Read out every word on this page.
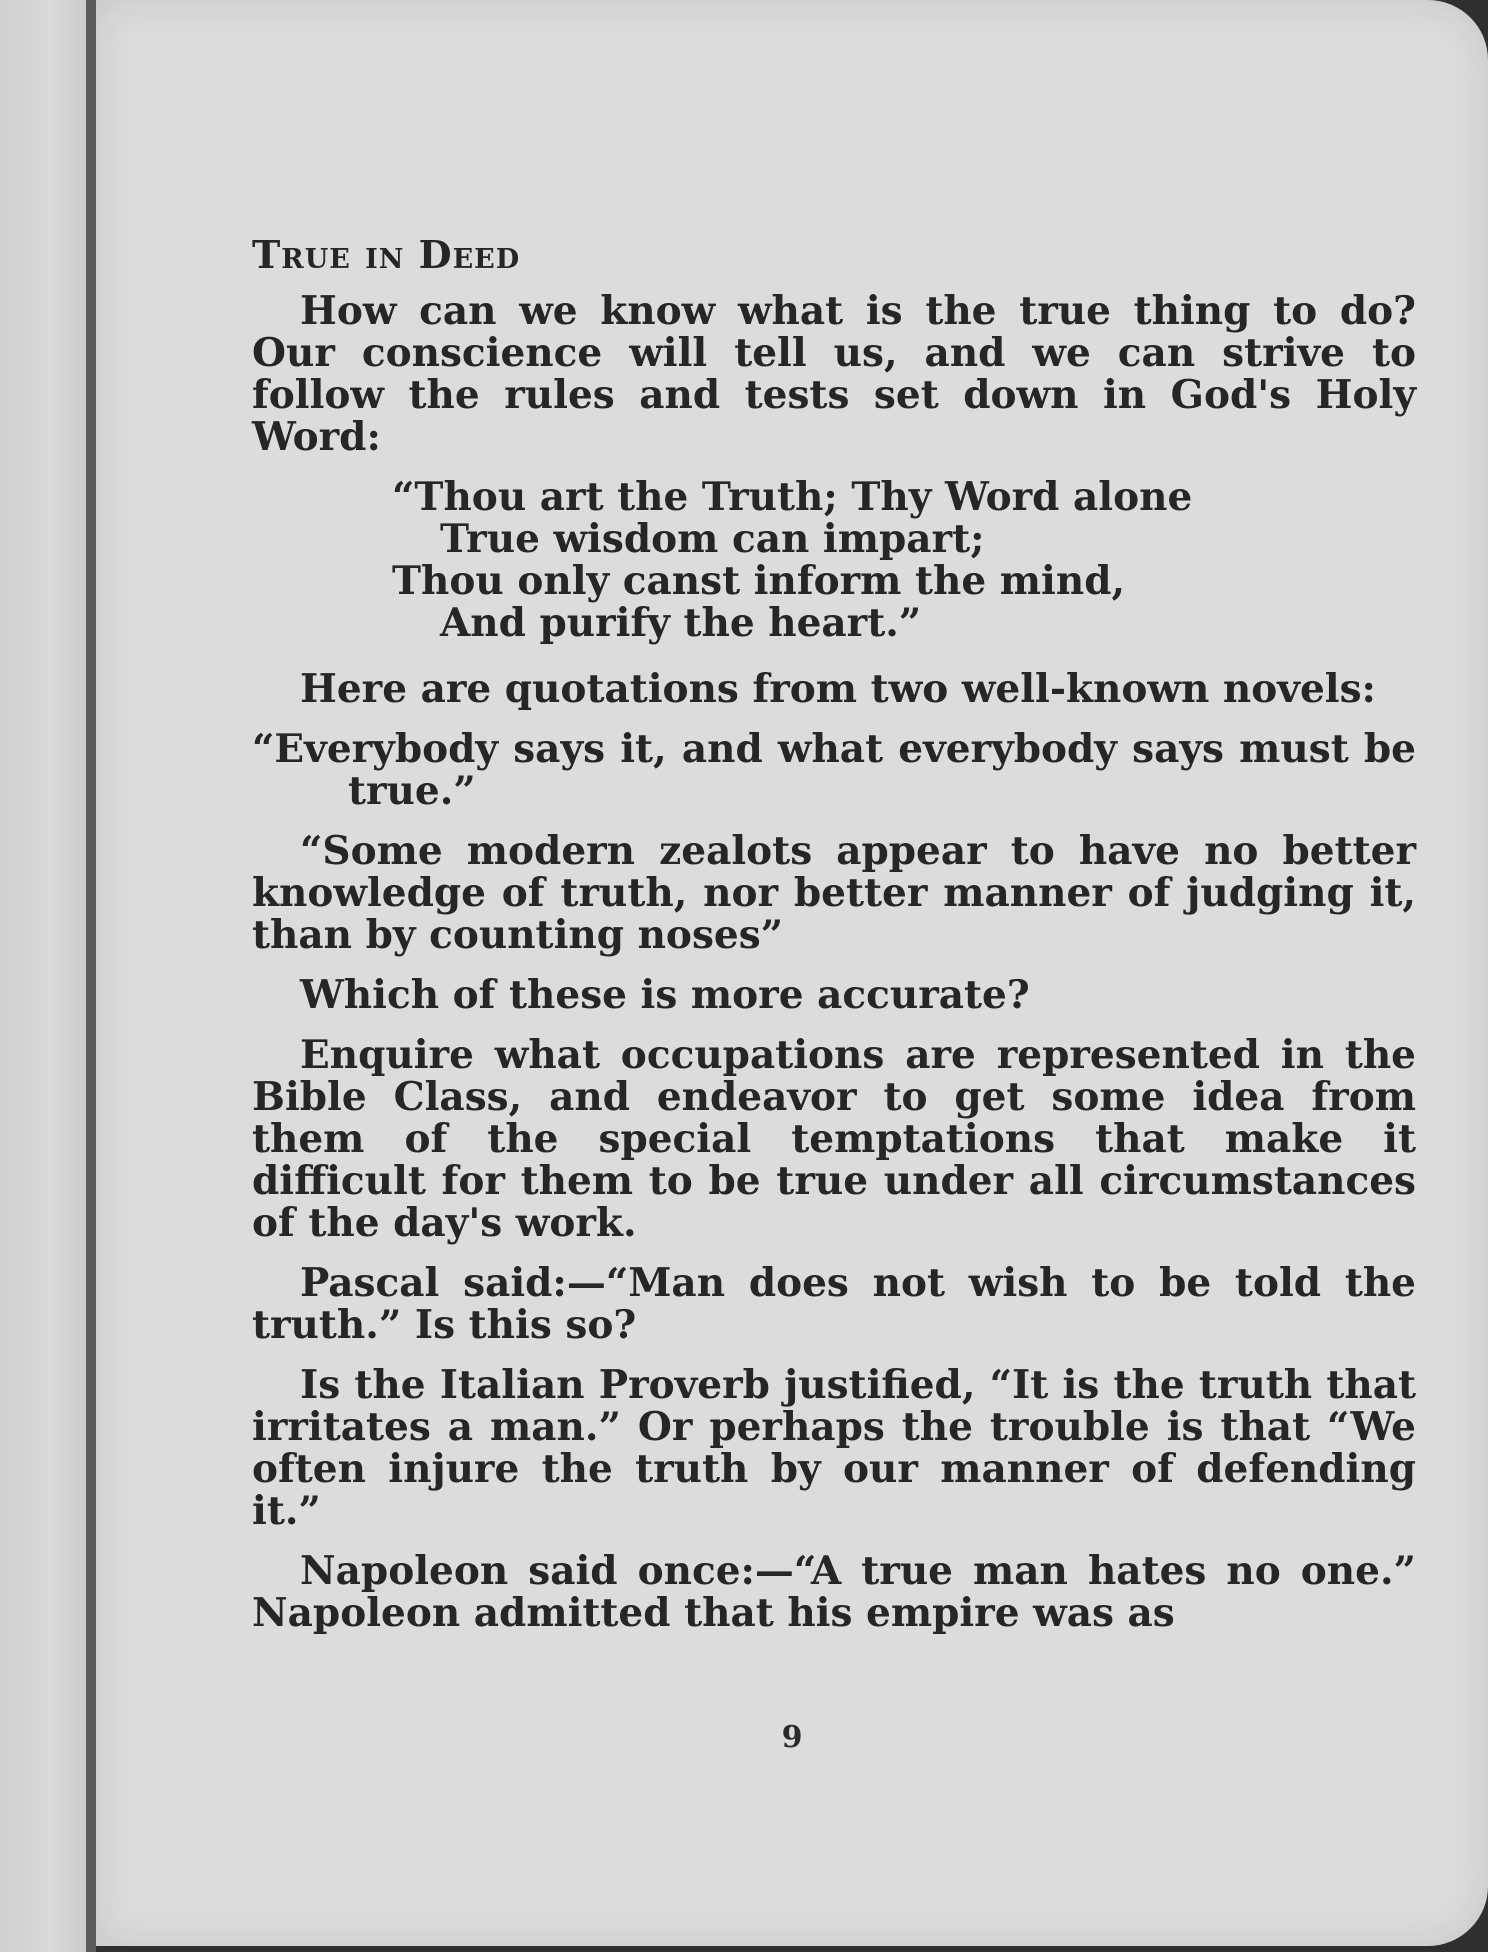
True in Deed

How can we know what is the true thing to do? Our conscience will tell us, and we can strive to follow the rules and tests set down in God's Holy Word:

“Thou art the Truth; Thy Word alone
True wisdom can impart;
Thou only canst inform the mind,
And purify the heart.”

Here are quotations from two well-known novels:

“Everybody says it, and what everybody says must be true.”

“Some modern zealots appear to have no better knowledge of truth, nor better manner of judging it, than by counting noses”

Which of these is more accurate?

Enquire what occupations are represented in the Bible Class, and endeavor to get some idea from them of the special temptations that make it difficult for them to be true under all circumstances of the day's work.

Pascal said:—“Man does not wish to be told the truth.” Is this so?

Is the Italian Proverb justified, “It is the truth that irritates a man.” Or perhaps the trouble is that “We often injure the truth by our manner of defending it.”

Napoleon said once:—“A true man hates no one.” Napoleon admitted that his empire was as

9
